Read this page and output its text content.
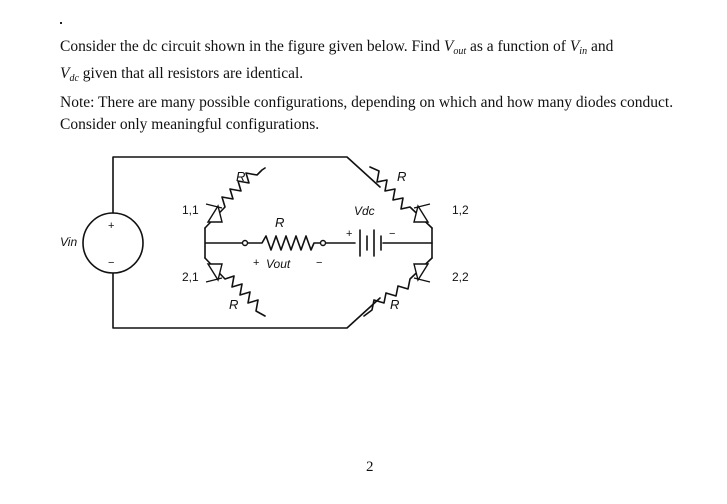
Consider the dc circuit shown in the figure given below. Find $V_{out}$ as a function of $V_{in}$ and
$V_{dc}$ given that all resistors are identical.

Note: There are many possible configurations, depending on which and how many diodes conduct. Consider only meaningful configurations.

+
−
Vin
1,1
2,1
1,2
2,2
R	R
R
R	R
Vdc
+	−
+ Vout −
2
